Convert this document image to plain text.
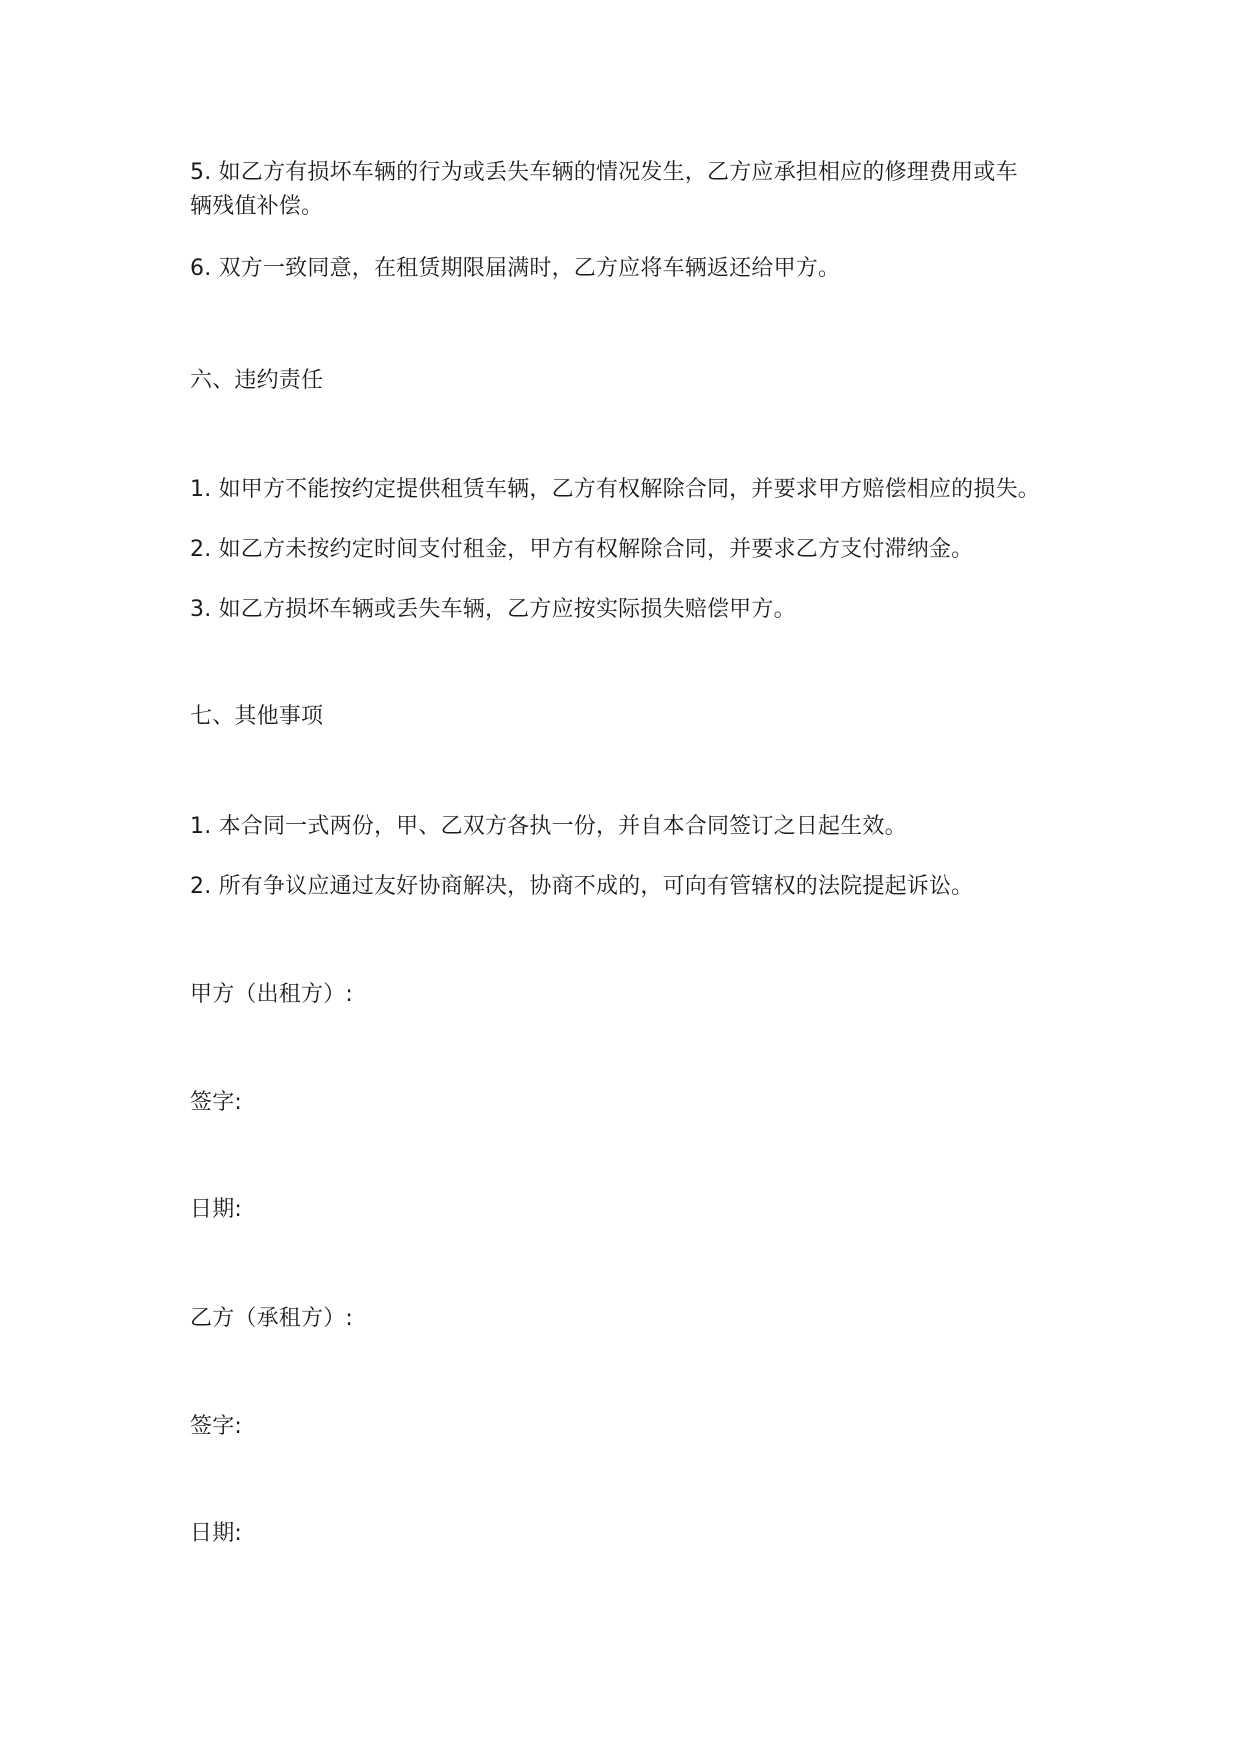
5. 如乙方有损坏车辆的行为或丢失车辆的情况发生，乙方应承担相应的修理费用或车
辆残值补偿。
6. 双方一致同意，在租赁期限届满时，乙方应将车辆返还给甲方。
六、违约责任
1. 如甲方不能按约定提供租赁车辆，乙方有权解除合同，并要求甲方赔偿相应的损失。
2. 如乙方未按约定时间支付租金，甲方有权解除合同，并要求乙方支付滞纳金。
3. 如乙方损坏车辆或丢失车辆，乙方应按实际损失赔偿甲方。
七、其他事项
1. 本合同一式两份，甲、乙双方各执一份，并自本合同签订之日起生效。
2. 所有争议应通过友好协商解决，协商不成的，可向有管辖权的法院提起诉讼。
甲方（出租方）:
签字:
日期:
乙方（承租方）:
签字:
日期:
